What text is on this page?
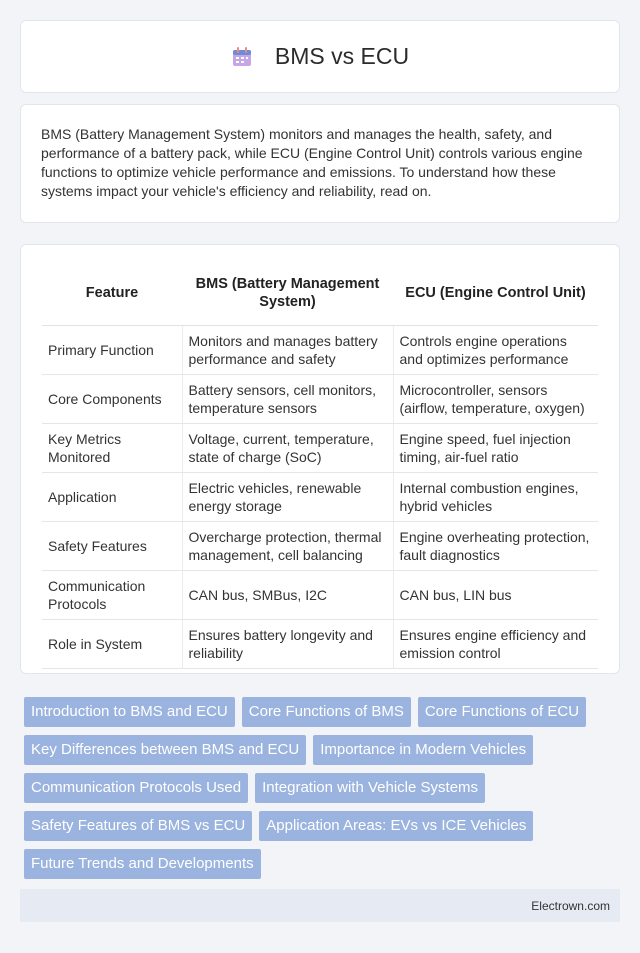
BMS vs ECU

BMS (Battery Management System) monitors and manages the health, safety, and performance of a battery pack, while ECU (Engine Control Unit) controls various engine functions to optimize vehicle performance and emissions. To understand how these systems impact your vehicle's efficiency and reliability, read on.

Feature	BMS (Battery Management System)	ECU (Engine Control Unit)
Primary Function	Monitors and manages battery performance and safety	Controls engine operations and optimizes performance
Core Components	Battery sensors, cell monitors, temperature sensors	Microcontroller, sensors (airflow, temperature, oxygen)
Key Metrics Monitored	Voltage, current, temperature, state of charge (SoC)	Engine speed, fuel injection timing, air-fuel ratio
Application	Electric vehicles, renewable energy storage	Internal combustion engines, hybrid vehicles
Safety Features	Overcharge protection, thermal management, cell balancing	Engine overheating protection, fault diagnostics
Communication Protocols	CAN bus, SMBus, I2C	CAN bus, LIN bus
Role in System	Ensures battery longevity and reliability	Ensures engine efficiency and emission control
Introduction to BMS and ECU	Core Functions of BMS	Core Functions of ECU
Key Differences between BMS and ECU	Importance in Modern Vehicles
Communication Protocols Used	Integration with Vehicle Systems
Safety Features of BMS vs ECU	Application Areas: EVs vs ICE Vehicles
Future Trends and Developments
Electrown.com
